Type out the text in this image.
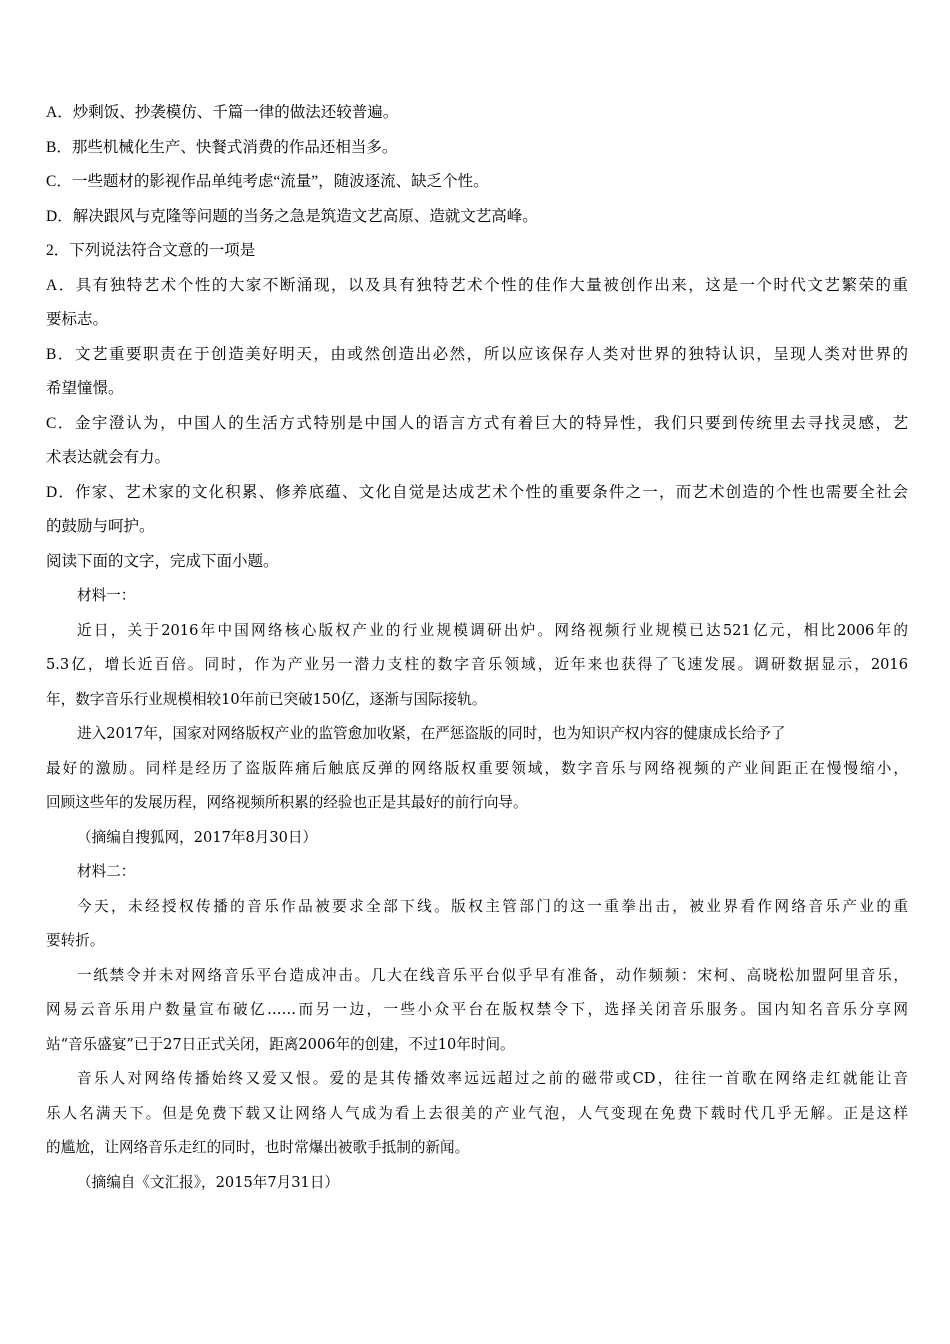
A．炒剩饭、抄袭模仿、千篇一律的做法还较普遍。
B．那些机械化生产、快餐式消费的作品还相当多。
C．一些题材的影视作品单纯考虑“流量”，随波逐流、缺乏个性。
D．解决跟风与克隆等问题的当务之急是筑造文艺高原、造就文艺高峰。
2．下列说法符合文意的一项是
A．具有独特艺术个性的大家不断涌现，以及具有独特艺术个性的佳作大量被创作出来，这是一个时代文艺繁荣的重
要标志。
B．文艺重要职责在于创造美好明天，由或然创造出必然，所以应该保存人类对世界的独特认识，呈现人类对世界的
希望憧憬。
C．金宇澄认为，中国人的生活方式特别是中国人的语言方式有着巨大的特异性，我们只要到传统里去寻找灵感，艺
术表达就会有力。
D．作家、艺术家的文化积累、修养底蕴、文化自觉是达成艺术个性的重要条件之一，而艺术创造的个性也需要全社会
的鼓励与呵护。
阅读下面的文字，完成下面小题。
材料一：
近日，关于2016年中国网络核心版权产业的行业规模调研出炉。网络视频行业规模已达521亿元，相比2006年的
5.3亿，增长近百倍。同时，作为产业另一潜力支柱的数字音乐领域，近年来也获得了飞速发展。调研数据显示，2016
年，数字音乐行业规模相较10年前已突破150亿，逐渐与国际接轨。
进入2017年，国家对网络版权产业的监管愈加收紧，在严惩盗版的同时，也为知识产权内容的健康成长给予了
最好的激励。同样是经历了盗版阵痛后触底反弹的网络版权重要领域，数字音乐与网络视频的产业间距正在慢慢缩小，
回顾这些年的发展历程，网络视频所积累的经验也正是其最好的前行向导。
（摘编自搜狐网，2017年8月30日）
材料二：
今天，未经授权传播的音乐作品被要求全部下线。版权主管部门的这一重拳出击，被业界看作网络音乐产业的重
要转折。
一纸禁令并未对网络音乐平台造成冲击。几大在线音乐平台似乎早有准备，动作频频：宋柯、高晓松加盟阿里音乐，
网易云音乐用户数量宣布破亿……而另一边，一些小众平台在版权禁令下，选择关闭音乐服务。国内知名音乐分享网
站“音乐盛宴”已于27日正式关闭，距离2006年的创建，不过10年时间。
音乐人对网络传播始终又爱又恨。爱的是其传播效率远远超过之前的磁带或CD，往往一首歌在网络走红就能让音
乐人名满天下。但是免费下载又让网络人气成为看上去很美的产业气泡，人气变现在免费下载时代几乎无解。正是这样
的尴尬，让网络音乐走红的同时，也时常爆出被歌手抵制的新闻。
（摘编自《文汇报》，2015年7月31日）
